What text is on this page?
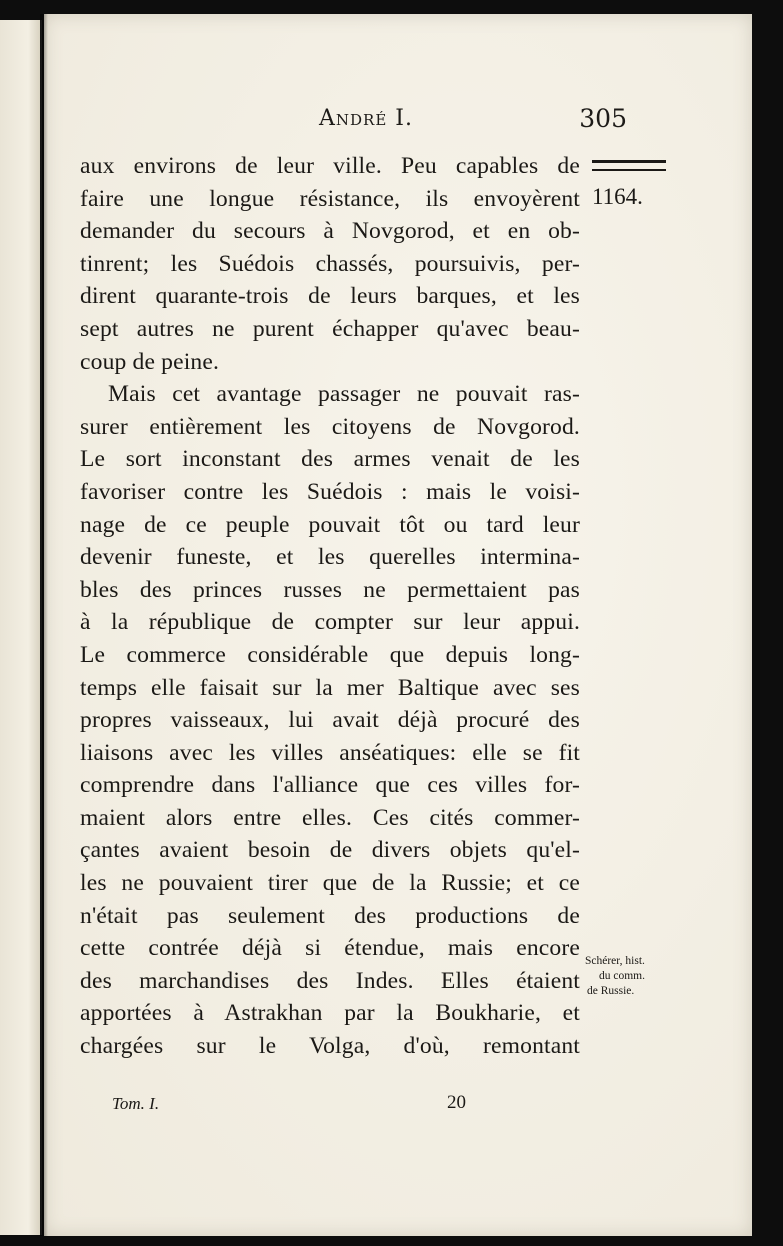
André I.	305
1164.
aux environs de leur ville. Peu capables de
faire une longue résistance, ils envoyèrent
demander du secours à Novgorod, et en ob-
tinrent; les Suédois chassés, poursuivis, per-
dirent quarante-trois de leurs barques, et les
sept autres ne purent échapper qu'avec beau-
coup de peine.
Mais cet avantage passager ne pouvait ras-
surer entièrement les citoyens de Novgorod.
Le sort inconstant des armes venait de les
favoriser contre les Suédois : mais le voisi-
nage de ce peuple pouvait tôt ou tard leur
devenir funeste, et les querelles intermina-
bles des princes russes ne permettaient pas
à la république de compter sur leur appui.
Le commerce considérable que depuis long-
temps elle faisait sur la mer Baltique avec ses
propres vaisseaux, lui avait déjà procuré des
liaisons avec les villes anséatiques: elle se fit
comprendre dans l'alliance que ces villes for-
maient alors entre elles. Ces cités commer-
çantes avaient besoin de divers objets qu'el-
les ne pouvaient tirer que de la Russie; et ce
n'était pas seulement des productions de
cette contrée déjà si étendue, mais encore
des marchandises des Indes. Elles étaient
apportées à Astrakhan par la Boukharie, et
chargées sur le Volga, d'où, remontant
Schérer, hist.
du comm.
de Russie.
Tom. I.	20
